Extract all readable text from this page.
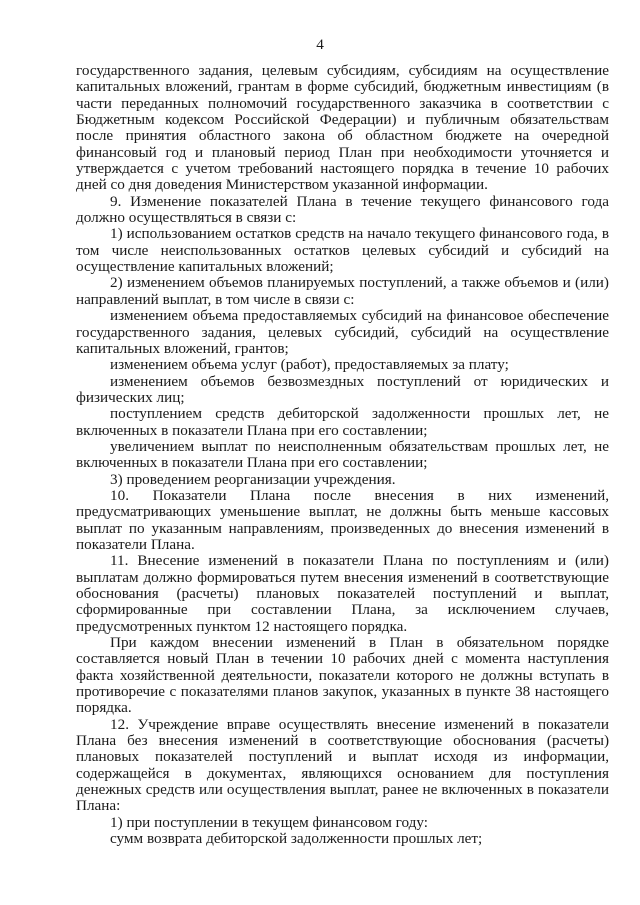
4

государственного задания, целевым субсидиям, субсидиям на осуществление капитальных вложений, грантам в форме субсидий, бюджетным инвестициям (в части переданных полномочий государственного заказчика в соответствии с Бюджетным кодексом Российской Федерации) и публичным обязательствам после принятия областного закона об областном бюджете на очередной финансовый год и плановый период План при необходимости уточняется и утверждается с учетом требований настоящего порядка в течение 10 рабочих дней со дня доведения Министерством указанной информации.

9. Изменение показателей Плана в течение текущего финансового года должно осуществляться в связи с:

1) использованием остатков средств на начало текущего финансового года, в том числе неиспользованных остатков целевых субсидий и субсидий на осуществление капитальных вложений;

2) изменением объемов планируемых поступлений, а также объемов и (или) направлений выплат, в том числе в связи с:

изменением объема предоставляемых субсидий на финансовое обеспечение государственного задания, целевых субсидий, субсидий на осуществление капитальных вложений, грантов;

изменением объема услуг (работ), предоставляемых за плату;

изменением объемов безвозмездных поступлений от юридических и физических лиц;

поступлением средств дебиторской задолженности прошлых лет, не включенных в показатели Плана при его составлении;

увеличением выплат по неисполненным обязательствам прошлых лет, не включенных в показатели Плана при его составлении;

3) проведением реорганизации учреждения.

10. Показатели Плана после внесения в них изменений, предусматривающих уменьшение выплат, не должны быть меньше кассовых выплат по указанным направлениям, произведенных до внесения изменений в показатели Плана.

11. Внесение изменений в показатели Плана по поступлениям и (или) выплатам должно формироваться путем внесения изменений в соответствующие обоснования (расчеты) плановых показателей поступлений и выплат, сформированные при составлении Плана, за исключением случаев, предусмотренных пунктом 12 настоящего порядка.

При каждом внесении изменений в План в обязательном порядке составляется новый План в течении 10 рабочих дней с момента наступления факта хозяйственной деятельности, показатели которого не должны вступать в противоречие с показателями планов закупок, указанных в пункте 38 настоящего порядка.

12. Учреждение вправе осуществлять внесение изменений в показатели Плана без внесения изменений в соответствующие обоснования (расчеты) плановых показателей поступлений и выплат исходя из информации, содержащейся в документах, являющихся основанием для поступления денежных средств или осуществления выплат, ранее не включенных в показатели Плана:

1) при поступлении в текущем финансовом году:

сумм возврата дебиторской задолженности прошлых лет;
